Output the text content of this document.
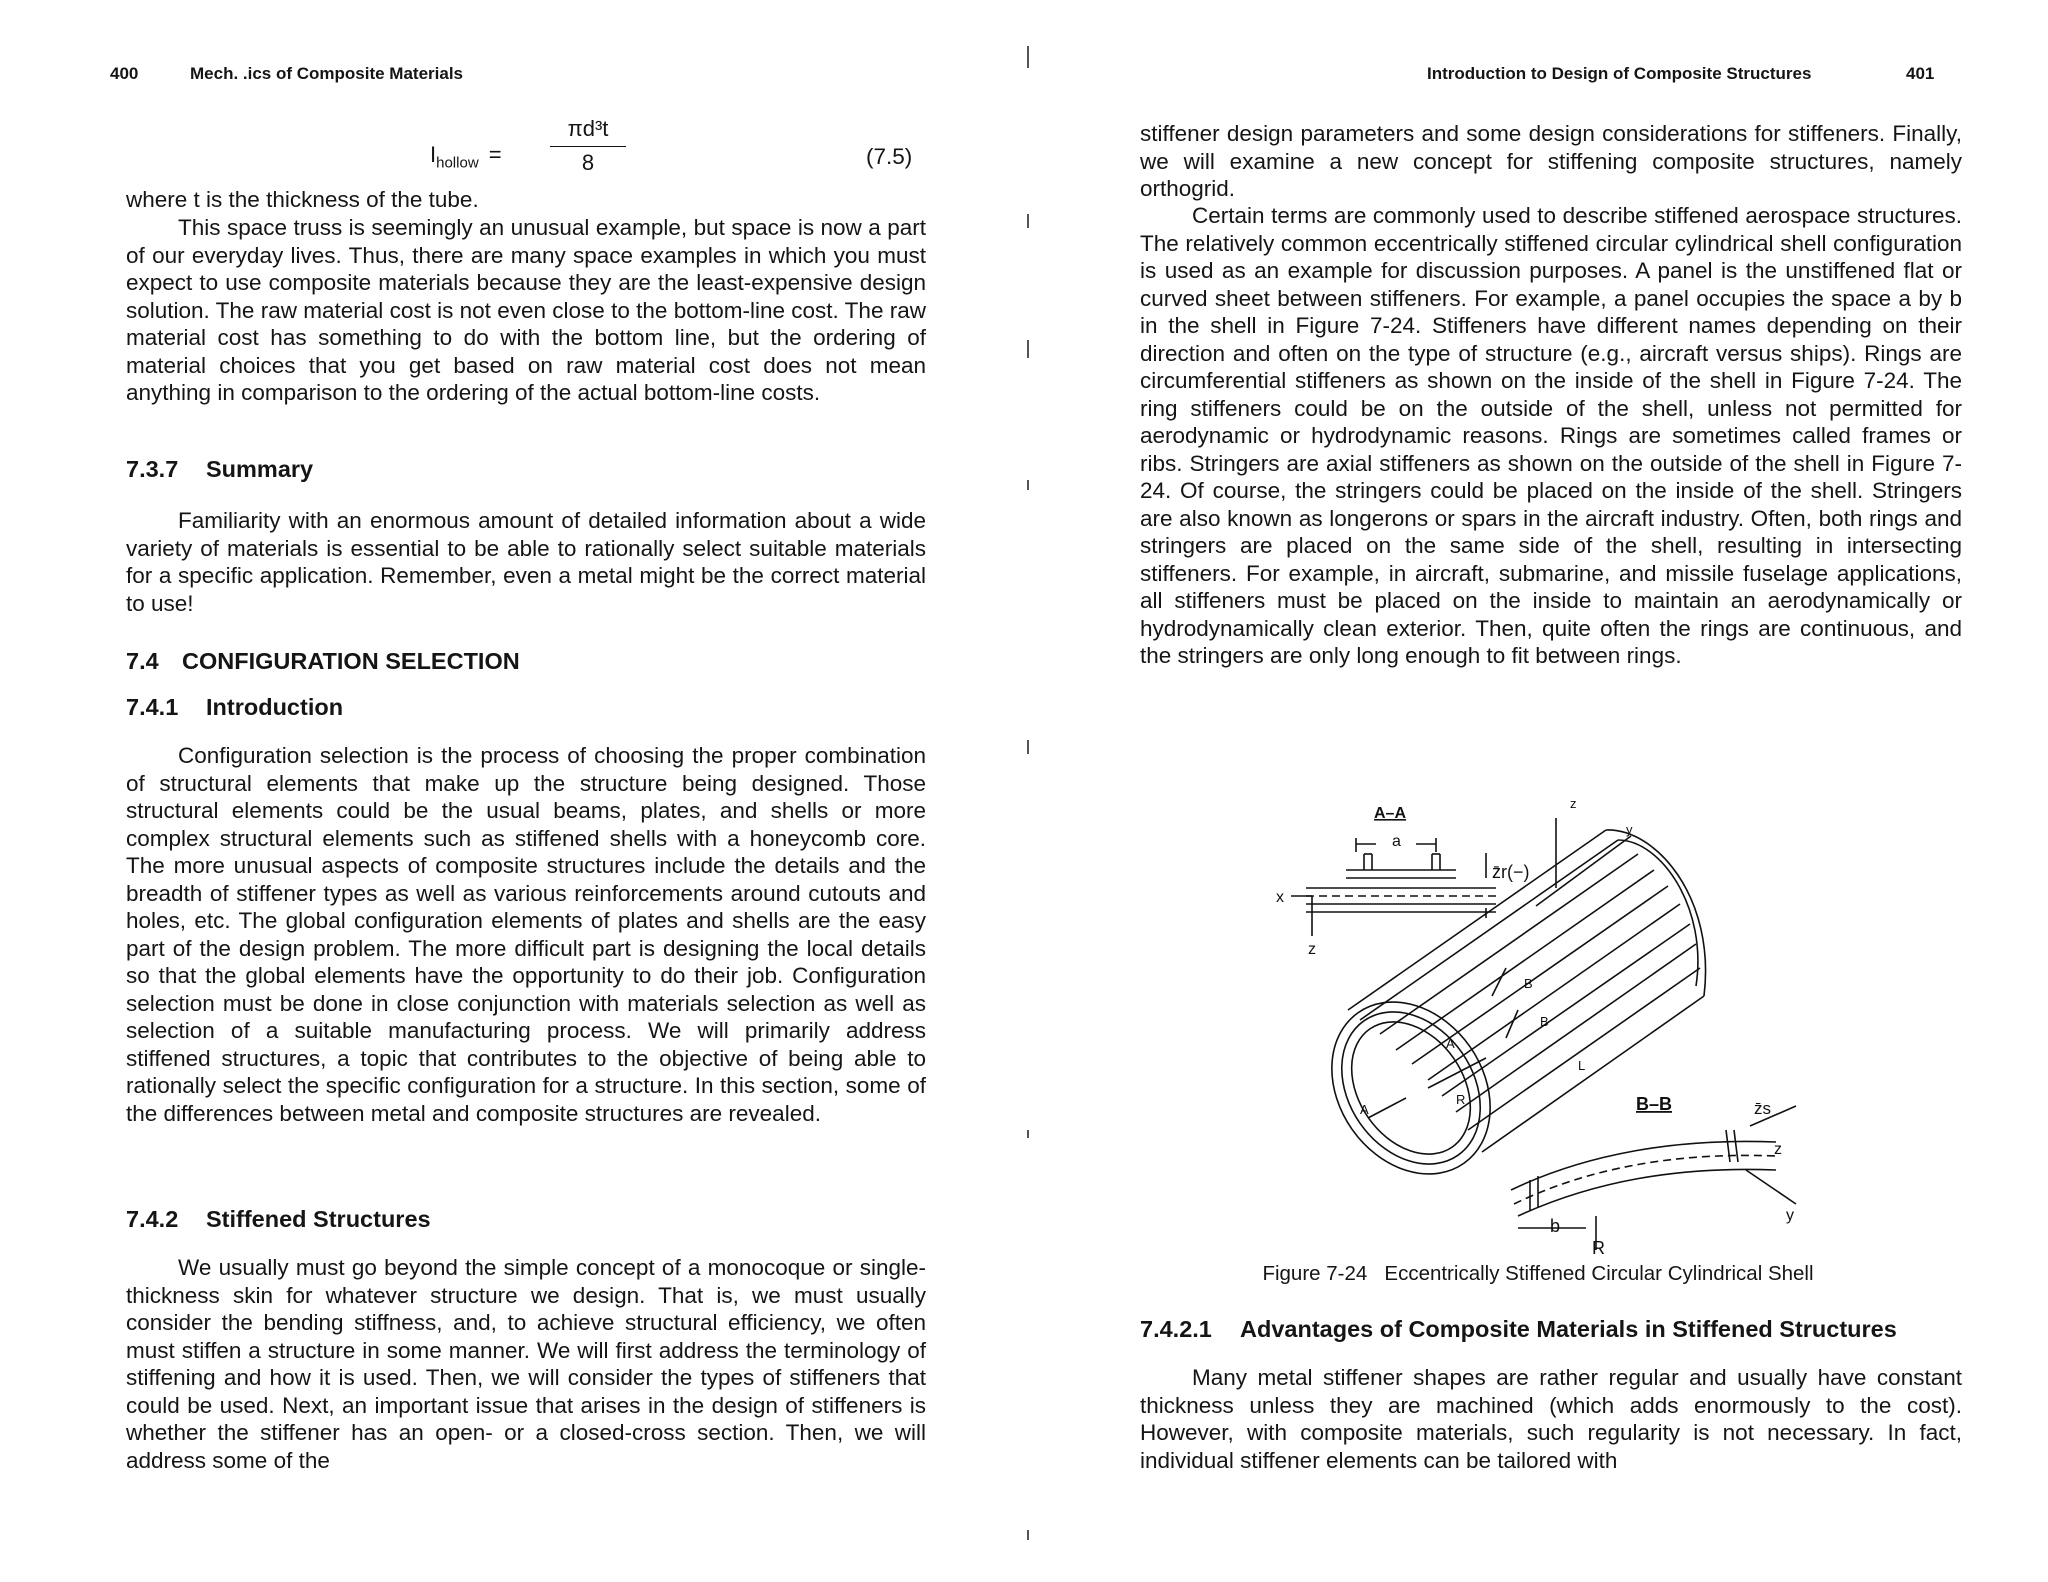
400	Mech. .ics of Composite Materials
$I_{hollow}$ =
πd³t
8	(7.5)

where t is the thickness of the tube.

This space truss is seemingly an unusual example, but space is now a part of our everyday lives. Thus, there are many space examples in which you must expect to use composite materials because they are the least-expensive design solution. The raw material cost is not even close to the bottom-line cost. The raw material cost has something to do with the bottom line, but the ordering of material choices that you get based on raw material cost does not mean anything in comparison to the ordering of the actual bottom-line costs.

7.3.7 Summary

Familiarity with an enormous amount of detailed information about a wide variety of materials is essential to be able to rationally select suitable materials for a specific application. Remember, even a metal might be the correct material to use!

7.4 CONFIGURATION SELECTION
7.4.1 Introduction

Configuration selection is the process of choosing the proper combination of structural elements that make up the structure being designed. Those structural elements could be the usual beams, plates, and shells or more complex structural elements such as stiffened shells with a honeycomb core. The more unusual aspects of composite structures include the details and the breadth of stiffener types as well as various reinforcements around cutouts and holes, etc. The global configuration elements of plates and shells are the easy part of the design problem. The more difficult part is designing the local details so that the global elements have the opportunity to do their job. Configuration selection must be done in close conjunction with materials selection as well as selection of a suitable manufacturing process. We will primarily address stiffened structures, a topic that contributes to the objective of being able to rationally select the specific configuration for a structure. In this section, some of the differences between metal and composite structures are revealed.

7.4.2 Stiffened Structures

We usually must go beyond the simple concept of a monocoque or single-thickness skin for whatever structure we design. That is, we must usually consider the bending stiffness, and, to achieve structural efficiency, we often must stiffen a structure in some manner. We will first address the terminology of stiffening and how it is used. Then, we will consider the types of stiffeners that could be used. Next, an important issue that arises in the design of stiffeners is whether the stiffener has an open- or a closed-cross section. Then, we will address some of the

Introduction to Design of Composite Structures	401

stiffener design parameters and some design considerations for stiffeners. Finally, we will examine a new concept for stiffening composite structures, namely orthogrid.

Certain terms are commonly used to describe stiffened aerospace structures. The relatively common eccentrically stiffened circular cylindrical shell configuration is used as an example for discussion purposes. A panel is the unstiffened flat or curved sheet between stiffeners. For example, a panel occupies the space a by b in the shell in Figure 7-24. Stiffeners have different names depending on their direction and often on the type of structure (e.g., aircraft versus ships). Rings are circumferential stiffeners as shown on the inside of the shell in Figure 7-24. The ring stiffeners could be on the outside of the shell, unless not permitted for aerodynamic or hydrodynamic reasons. Rings are sometimes called frames or ribs. Stringers are axial stiffeners as shown on the outside of the shell in Figure 7-24. Of course, the stringers could be placed on the inside of the shell. Stringers are also known as longerons or spars in the aircraft industry. Often, both rings and stringers are placed on the same side of the shell, resulting in intersecting stiffeners. For example, in aircraft, submarine, and missile fuselage applications, all stiffeners must be placed on the inside to maintain an aerodynamically or hydrodynamically clean exterior. Then, quite often the rings are continuous, and the stringers are only long enough to fit between rings.

A–A
a
x
z
z̄r(−)
z
y
L
B
B
A
A
R	B–B	z̄s
z
y
b
R
Figure 7-24 Eccentrically Stiffened Circular Cylindrical Shell
7.4.2.1 Advantages of Composite Materials in Stiffened Structures

Many metal stiffener shapes are rather regular and usually have constant thickness unless they are machined (which adds enormously to the cost). However, with composite materials, such regularity is not necessary. In fact, individual stiffener elements can be tailored with
